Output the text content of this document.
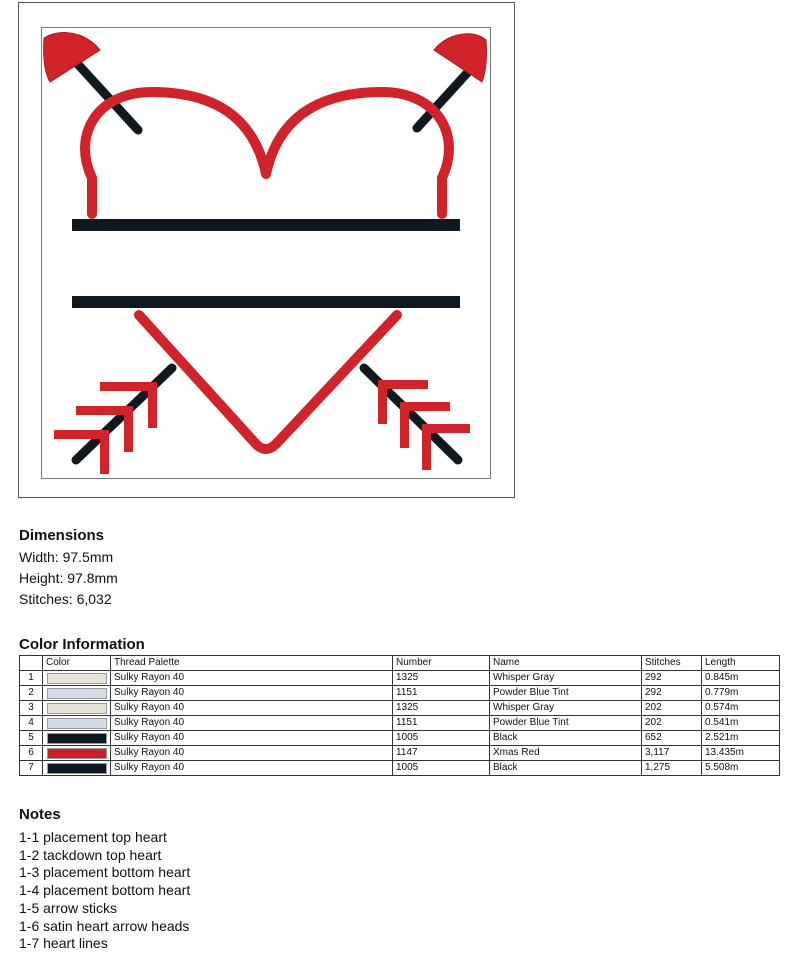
Dimensions
Width: 97.5mm
Height: 97.8mm
Stitches: 6,032
Color Information
	Color	Thread Palette	Number	Name	Stitches	Length
1		Sulky Rayon 40	1325	Whisper Gray	292	0.845m
2		Sulky Rayon 40	1151	Powder Blue Tint	292	0.779m
3		Sulky Rayon 40	1325	Whisper Gray	202	0.574m
4		Sulky Rayon 40	1151	Powder Blue Tint	202	0.541m
5		Sulky Rayon 40	1005	Black	652	2.521m
6		Sulky Rayon 40	1147	Xmas Red	3,117	13.435m
7		Sulky Rayon 40	1005	Black	1,275	5.508m
Notes
1-1 placement top heart
1-2 tackdown top heart
1-3 placement bottom heart
1-4 placement bottom heart
1-5 arrow sticks
1-6 satin heart arrow heads
1-7 heart lines
